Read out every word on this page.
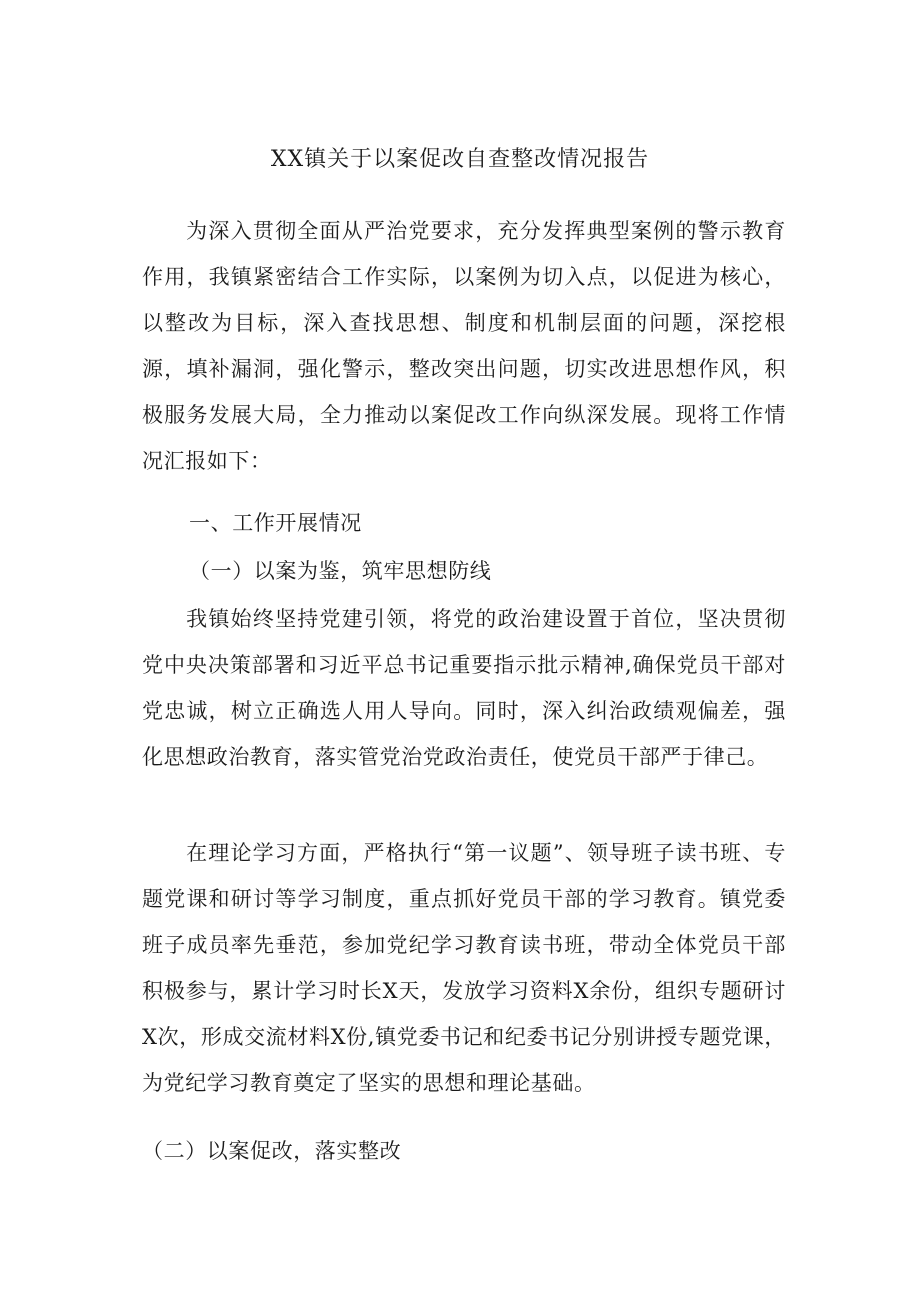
XX镇关于以案促改自查整改情况报告

为深入贯彻全面从严治党要求，充分发挥典型案例的警示教育作用，我镇紧密结合工作实际，以案例为切入点，以促进为核心，以整改为目标，深入查找思想、制度和机制层面的问题，深挖根源，填补漏洞，强化警示，整改突出问题，切实改进思想作风，积极服务发展大局，全力推动以案促改工作向纵深发展。现将工作情况汇报如下：

一、工作开展情况

（一）以案为鉴，筑牢思想防线

我镇始终坚持党建引领，将党的政治建设置于首位，坚决贯彻党中央决策部署和习近平总书记重要指示批示精神,确保党员干部对党忠诚，树立正确选人用人导向。同时，深入纠治政绩观偏差，强化思想政治教育，落实管党治党政治责任，使党员干部严于律己。

在理论学习方面，严格执行“第一议题”、领导班子读书班、专题党课和研讨等学习制度，重点抓好党员干部的学习教育。镇党委班子成员率先垂范，参加党纪学习教育读书班，带动全体党员干部积极参与，累计学习时长X天，发放学习资料X余份，组织专题研讨X次，形成交流材料X份,镇党委书记和纪委书记分别讲授专题党课，为党纪学习教育奠定了坚实的思想和理论基础。

（二）以案促改，落实整改
